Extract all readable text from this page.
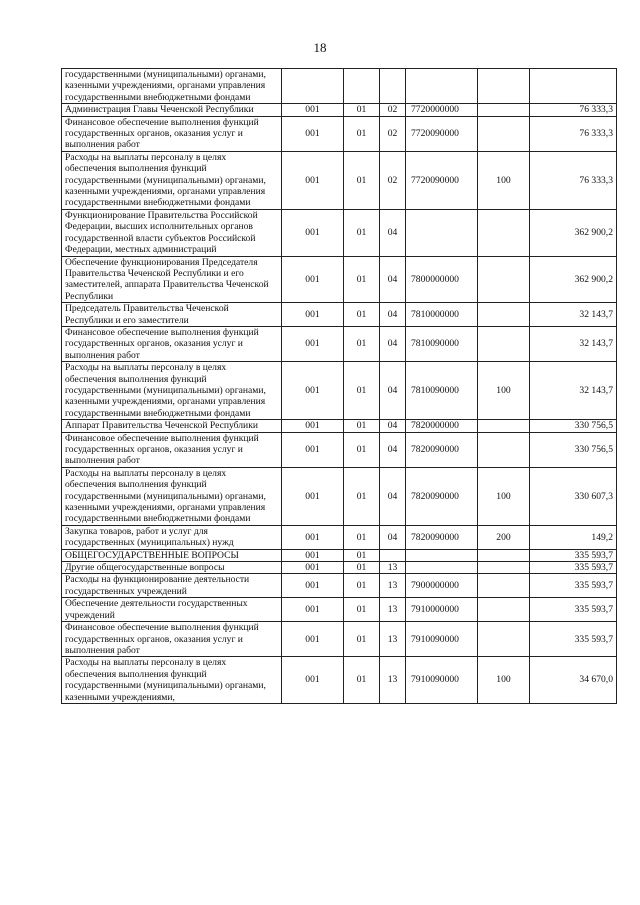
18
государственными (муниципальными) органами, казенными учреждениями, органами управления государственными внебюджетными фондами						
Администрация Главы Чеченской Республики	001	01	02	7720000000		76 333,3
Финансовое обеспечение выполнения функций государственных органов, оказания услуг и выполнения работ	001	01	02	7720090000		76 333,3
Расходы на выплаты персоналу в целях обеспечения выполнения функций государственными (муниципальными) органами, казенными учреждениями, органами управления государственными внебюджетными фондами	001	01	02	7720090000	100	76 333,3
Функционирование Правительства Российской Федерации, высших исполнительных органов государственной власти субъектов Российской Федерации, местных администраций	001	01	04			362 900,2
Обеспечение функционирования Председателя Правительства Чеченской Республики и его заместителей, аппарата Правительства Чеченской Республики	001	01	04	7800000000		362 900,2
Председатель Правительства Чеченской Республики и его заместители	001	01	04	7810000000		32 143,7
Финансовое обеспечение выполнения функций государственных органов, оказания услуг и выполнения работ	001	01	04	7810090000		32 143,7
Расходы на выплаты персоналу в целях обеспечения выполнения функций государственными (муниципальными) органами, казенными учреждениями, органами управления государственными внебюджетными фондами	001	01	04	7810090000	100	32 143,7
Аппарат Правительства Чеченской Республики	001	01	04	7820000000		330 756,5
Финансовое обеспечение выполнения функций государственных органов, оказания услуг и выполнения работ	001	01	04	7820090000		330 756,5
Расходы на выплаты персоналу в целях обеспечения выполнения функций государственными (муниципальными) органами, казенными учреждениями, органами управления государственными внебюджетными фондами	001	01	04	7820090000	100	330 607,3
Закупка товаров, работ и услуг для государственных (муниципальных) нужд	001	01	04	7820090000	200	149,2
ОБЩЕГОСУДАРСТВЕННЫЕ ВОПРОСЫ	001	01				335 593,7
Другие общегосударственные вопросы	001	01	13			335 593,7
Расходы на функционирование деятельности государственных учреждений	001	01	13	7900000000		335 593,7
Обеспечение деятельности государственных учреждений	001	01	13	7910000000		335 593,7
Финансовое обеспечение выполнения функций государственных органов, оказания услуг и выполнения работ	001	01	13	7910090000		335 593,7
Расходы на выплаты персоналу в целях обеспечения выполнения функций государственными (муниципальными) органами, казенными учреждениями,	001	01	13	7910090000	100	34 670,0
